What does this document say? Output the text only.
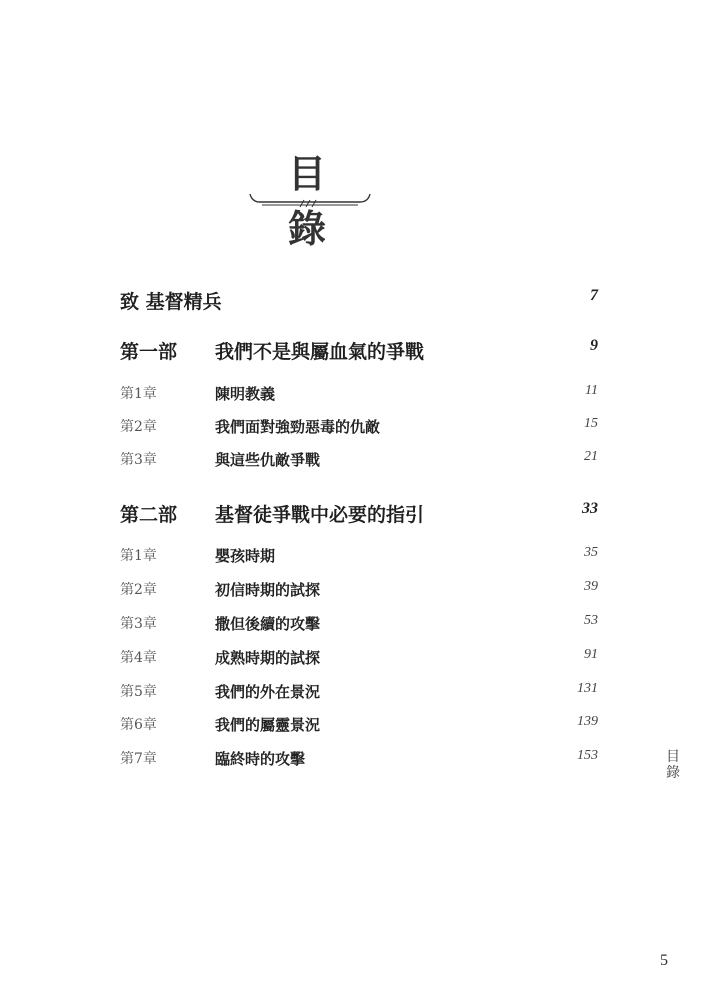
目 錄
致 基督精兵	7
第一部 我們不是與屬血氣的爭戰	9
第1章	陳明教義	11
第2章	我們面對強勁惡毒的仇敵	15
第3章	與這些仇敵爭戰	21
第二部 基督徒爭戰中必要的指引	33
第1章	嬰孩時期	35
第2章	初信時期的試探	39
第3章	撒但後續的攻擊	53
第4章	成熟時期的試探	91
第5章	我們的外在景況	131
第6章	我們的屬靈景況	139
第7章	臨終時的攻擊	153	目
錄
5
